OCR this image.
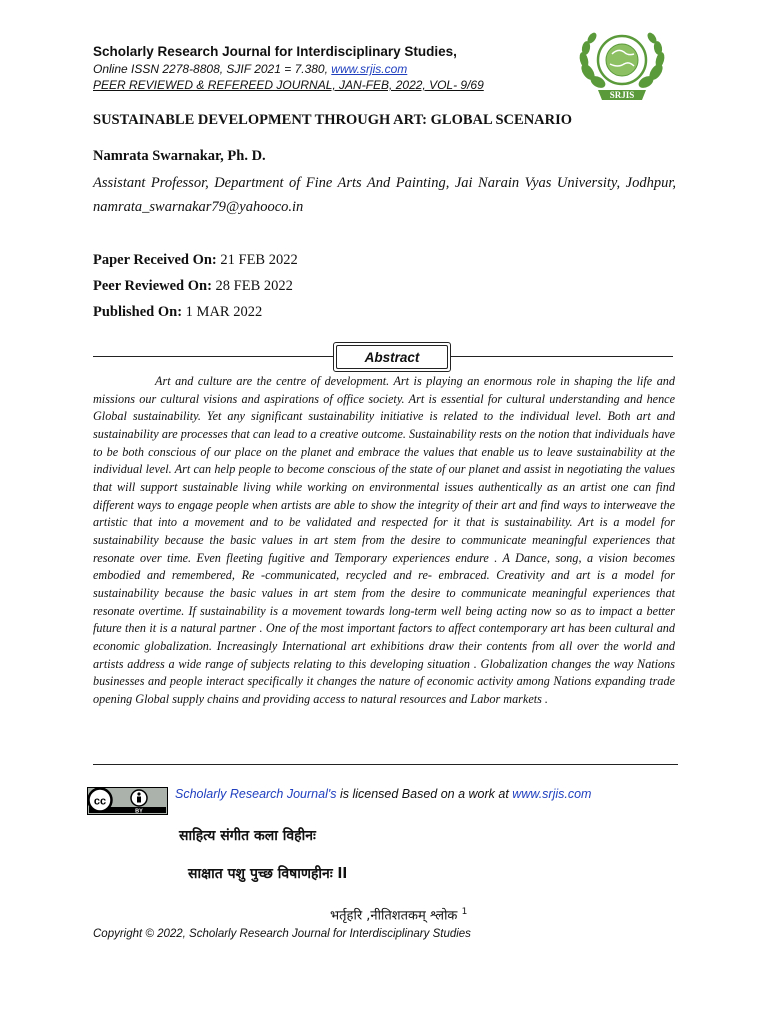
Scholarly Research Journal for Interdisciplinary Studies,
Online ISSN 2278-8808, SJIF 2021 = 7.380, www.srjis.com
PEER REVIEWED & REFEREED JOURNAL, JAN-FEB, 2022, VOL- 9/69
SRJIS
SUSTAINABLE DEVELOPMENT THROUGH ART: GLOBAL SCENARIO
Namrata Swarnakar, Ph. D.
Assistant Professor, Department of Fine Arts And Painting, Jai Narain Vyas University, Jodhpur, namrata_swarnakar79@yahooco.in
Paper Received On: 21 FEB 2022
Peer Reviewed On: 28 FEB 2022
Published On: 1 MAR 2022
Abstract
Art and culture are the centre of development. Art is playing an enormous role in shaping the life and missions our cultural visions and aspirations of office society. Art is essential for cultural understanding and hence Global sustainability. Yet any significant sustainability initiative is related to the individual level. Both art and sustainability are processes that can lead to a creative outcome. Sustainability rests on the notion that individuals have to be both conscious of our place on the planet and embrace the values that enable us to leave sustainability at the individual level. Art can help people to become conscious of the state of our planet and assist in negotiating the values that will support sustainable living while working on environmental issues authentically as an artist one can find different ways to engage people when artists are able to show the integrity of their art and find ways to interweave the artistic that into a movement and to be validated and respected for it that is sustainability. Art is a model for sustainability because the basic values in art stem from the desire to communicate meaningful experiences that resonate over time. Even fleeting fugitive and Temporary experiences endure . A Dance, song, a vision becomes embodied and remembered, Re -communicated, recycled and re- embraced. Creativity and art is a model for sustainability because the basic values in art stem from the desire to communicate meaningful experiences that resonate overtime. If sustainability is a movement towards long-term well being acting now so as to impact a better future then it is a natural partner . One of the most important factors to affect contemporary art has been cultural and economic globalization. Increasingly International art exhibitions draw their contents from all over the world and artists address a wide range of subjects relating to this developing situation . Globalization changes the way Nations businesses and people interact specifically it changes the nature of economic activity among Nations expanding trade opening Global supply chains and providing access to natural resources and Labor markets .
cc
BY
Scholarly Research Journal's is licensed Based on a work at www.srjis.com
साहित्य संगीत कला विहीनः
साक्षात पशु पुच्छ विषाणहीनः ll
भर्तृहरि ,नीतिशतकम् श्लोक $^1$
Copyright © 2022, Scholarly Research Journal for Interdisciplinary Studies
